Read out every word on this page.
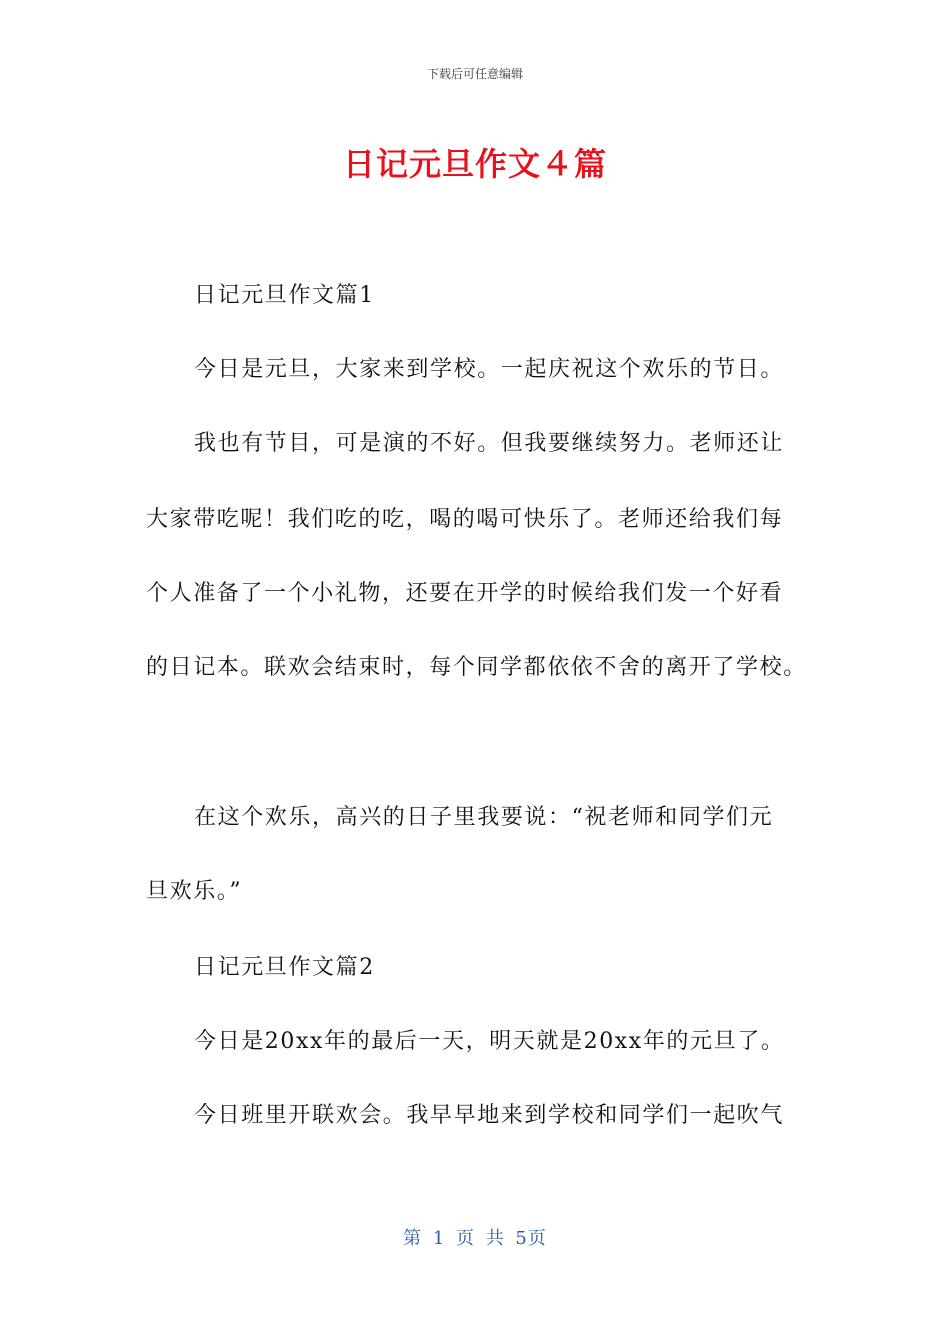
下载后可任意编辑
日记元旦作文４篇
日记元旦作文篇1
今日是元旦，大家来到学校。一起庆祝这个欢乐的节日。
我也有节目，可是演的不好。但我要继续努力。老师还让
大家带吃呢！我们吃的吃，喝的喝可快乐了。老师还给我们每
个人准备了一个小礼物，还要在开学的时候给我们发一个好看
的日记本。联欢会结束时，每个同学都依依不舍的离开了学校。
在这个欢乐，高兴的日子里我要说：“祝老师和同学们元
旦欢乐。”
日记元旦作文篇2
今日是20xx年的最后一天，明天就是20xx年的元旦了。
今日班里开联欢会。我早早地来到学校和同学们一起吹气
第 1 页 共 5页
